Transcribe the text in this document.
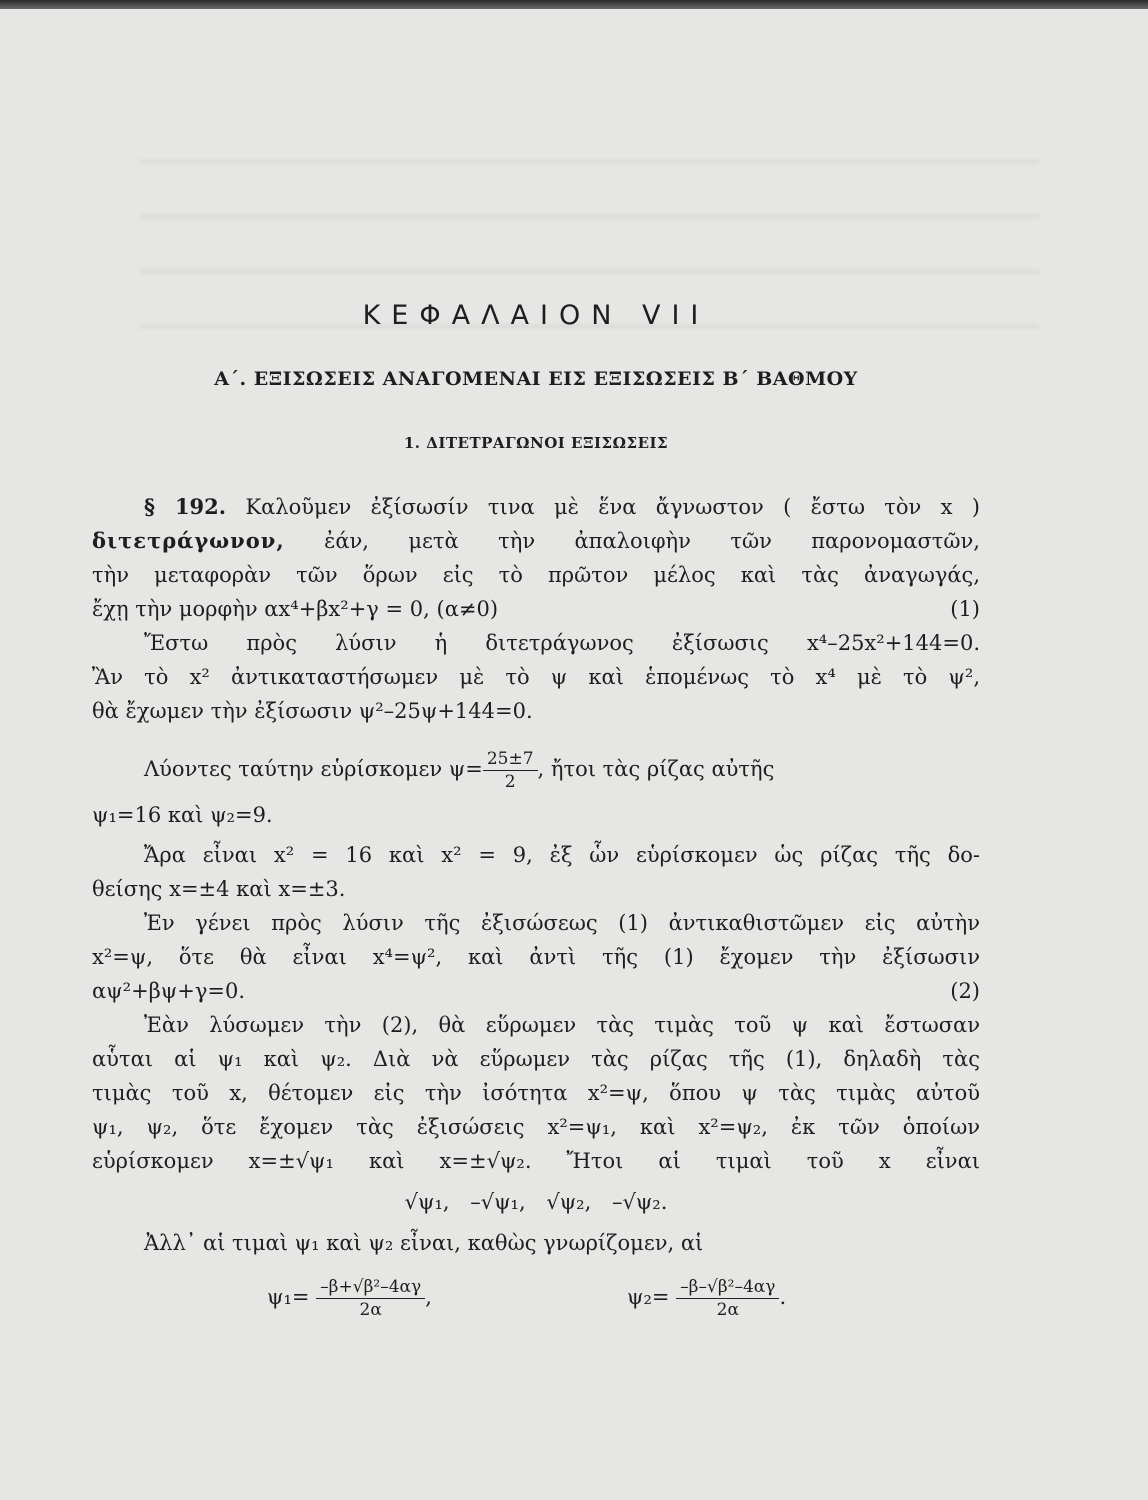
ΚΕΦΑΛΑΙΟΝ VII
Α΄. ΕΞΙΣΩΣΕΙΣ ΑΝΑΓΟΜΕΝΑΙ ΕΙΣ ΕΞΙΣΩΣΕΙΣ Β΄ ΒΑΘΜΟΥ
1. ΔΙΤΕΤΡΑΓΩΝΟΙ ΕΞΙΣΩΣΕΙΣ
§ 192. Καλοῦμεν ἐξίσωσίν τινα μὲ ἕνα ἄγνωστον ( ἔστω τὸν x )
διτετράγωνον, ἐάν, μετὰ τὴν ἀπαλοιφὴν τῶν παρονομαστῶν,
τὴν μεταφορὰν τῶν ὅρων εἰς τὸ πρῶτον μέλος καὶ τὰς ἀναγωγάς,
ἔχῃ τὴν μορφὴν αx⁴+βx²+γ = 0, (α≠0)	(1)
Ἔστω πρὸς λύσιν ἡ διτετράγωνος ἐξίσωσις x⁴–25x²+144=0.
Ἂν τὸ x² ἀντικαταστήσωμεν μὲ τὸ ψ καὶ ἑπομένως τὸ x⁴ μὲ τὸ ψ²,
θὰ ἔχωμεν τὴν ἐξίσωσιν ψ²–25ψ+144=0.
Λύοντες ταύτην εὑρίσκομεν $\psi= \frac{25\pm 7}{2}$ , ἤτοι τὰς ρίζας αὐτῆς
ψ₁=16 καὶ ψ₂=9.
Ἄρα εἶναι x² = 16 καὶ x² = 9, ἐξ ὧν εὑρίσκομεν ὡς ρίζας τῆς δο-
θείσης x=±4 καὶ x=±3.
Ἐν γένει πρὸς λύσιν τῆς ἐξισώσεως (1) ἀντικαθιστῶμεν εἰς αὐτὴν
x²=ψ, ὅτε θὰ εἶναι x⁴=ψ², καὶ ἀντὶ τῆς (1) ἔχομεν τὴν ἐξίσωσιν
αψ²+βψ+γ=0.	(2)
Ἐὰν λύσωμεν τὴν (2), θὰ εὕρωμεν τὰς τιμὰς τοῦ ψ καὶ ἔστωσαν
αὗται αἱ ψ₁ καὶ ψ₂. Διὰ νὰ εὕρωμεν τὰς ρίζας τῆς (1), δηλαδὴ τὰς
τιμὰς τοῦ x, θέτομεν εἰς τὴν ἰσότητα x²=ψ, ὅπου ψ τὰς τιμὰς αὐτοῦ
ψ₁, ψ₂, ὅτε ἔχομεν τὰς ἐξισώσεις x²=ψ₁, καὶ x²=ψ₂, ἐκ τῶν ὁποίων
εὑρίσκομεν x=±√ψ₁ καὶ x=±√ψ₂. Ἤτοι αἱ τιμαὶ τοῦ x εἶναι
√ψ₁, –√ψ₁, √ψ₂, –√ψ₂.
Ἀλλ᾽ αἱ τιμαὶ ψ₁ καὶ ψ₂ εἶναι, καθὼς γνωρίζομεν, αἱ
$\psi_1= \frac{\text{–β+√β²–4αγ}}{2\alpha}$ ,	$\psi_2= \frac{\text{–β–√β²–4αγ}}{2\alpha}$ .
